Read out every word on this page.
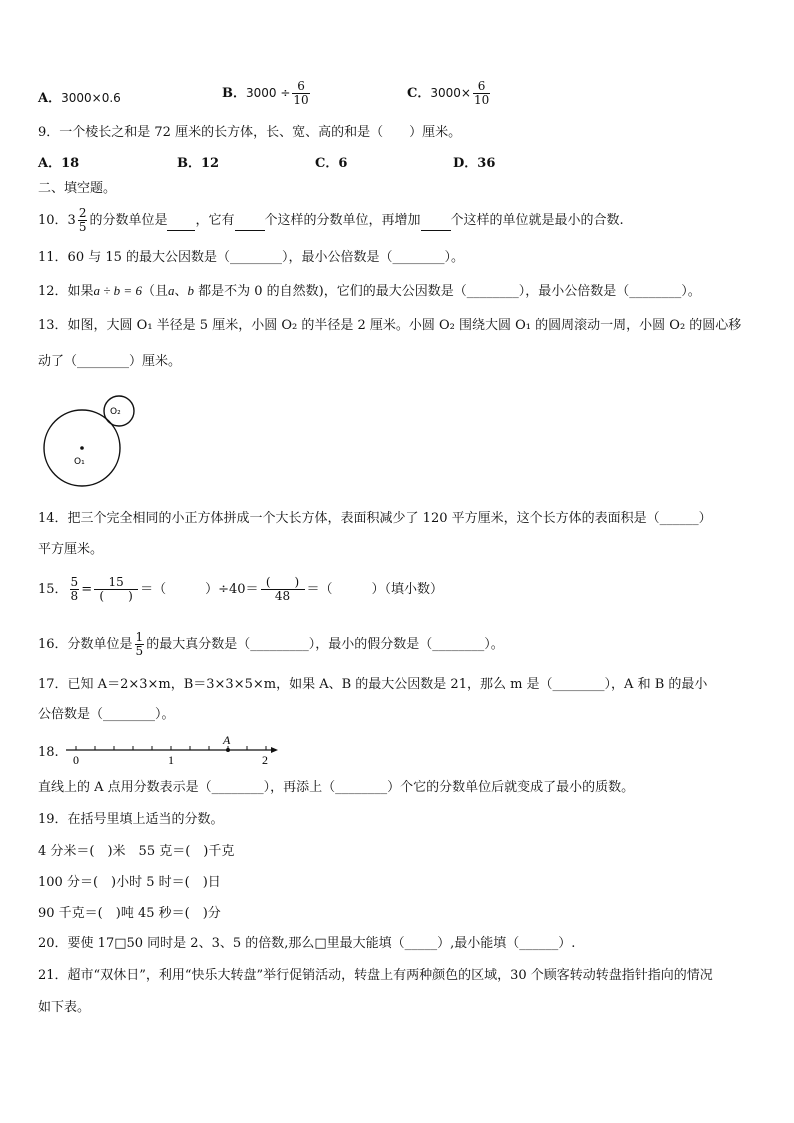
A．3000×0.6	B．$3000 \div \frac{6}{10}$	C．$3000\times \frac{6}{10}$
9．一个棱长之和是 72 厘米的长方体，长、宽、高的和是（　　）厘米。
A．18	B．12	C．6	D．36
二、填空题。
10．$3 \frac{2}{5}$ 的分数单位是 ，它有 个这样的分数单位，再增加 个这样的单位就是最小的合数.
11．60 与 15 的最大公因数是（________），最小公倍数是（________）。
12．如果a ÷ b = 6（且a、b 都是不为 0 的自然数)，它们的最大公因数是（________），最小公倍数是（________）。
13．如图，大圆 O₁ 半径是 5 厘米，小圆 O₂ 的半径是 2 厘米。小圆 O₂ 围绕大圆 O₁ 的圆周滚动一周，小圆 O₂ 的圆心移
动了（________）厘米。
O₁
O₂
14．把三个完全相同的小正方体拼成一个大长方体，表面积减少了 120 平方厘米，这个长方体的表面积是（______）
平方厘米。
15． $\frac{5}{8} = \frac{15}{( )}$ ＝（　　　）$\div 40= \frac{( )}{48}$ ＝（　　　）（填小数）
16．分数单位是 $\frac{1}{5}$ 的最大真分数是（_________），最小的假分数是（________）。
17．已知 A＝2×3×m，B＝3×3×5×m，如果 A、B 的最大公因数是 21，那么 m 是（________），A 和 B 的最小
公倍数是（________）。
18.
A
0	1	2
直线上的 A 点用分数表示是（________），再添上（________）个它的分数单位后就变成了最小的质数。
19．在括号里填上适当的分数。
4 分米＝(　)米　55 克＝(　)千克
100 分＝(　)小时 5 时＝(　)日
90 千克＝(　)吨 45 秒＝(　)分
20．要使 17□50 同时是 2、3、5 的倍数,那么□里最大能填（_____）,最小能填（______）.
21．超市“双休日”，利用“快乐大转盘”举行促销活动，转盘上有两种颜色的区域，30 个顾客转动转盘指针指向的情况
如下表。
